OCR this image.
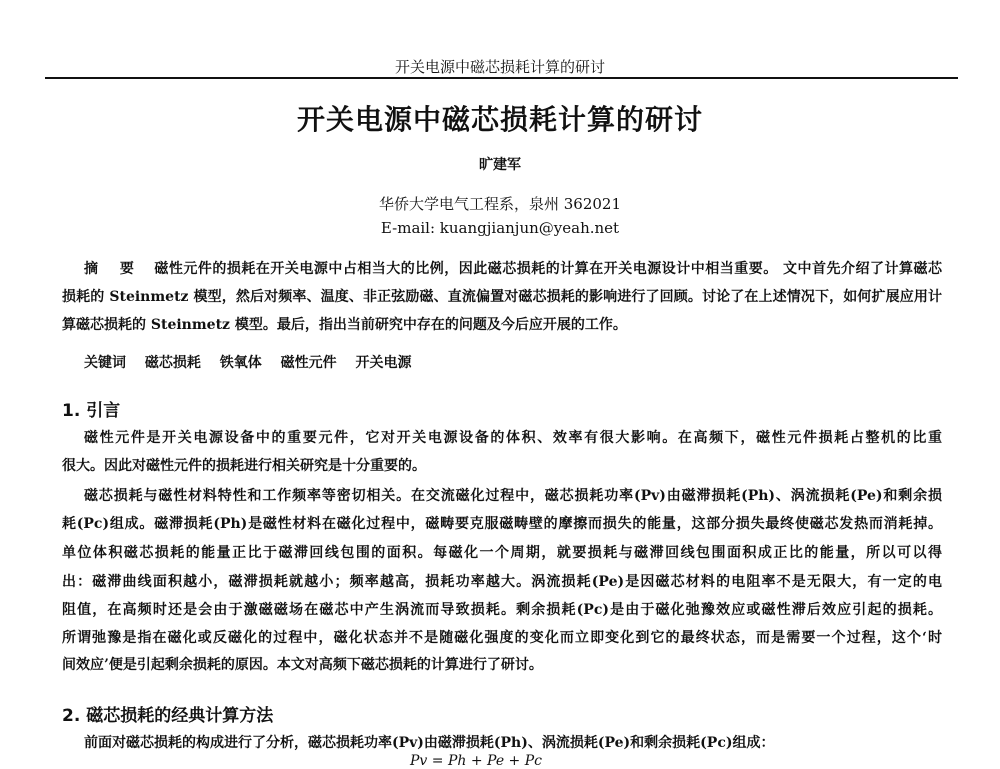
开关电源中磁芯损耗计算的研讨
开关电源中磁芯损耗计算的研讨
旷建军
华侨大学电气工程系，泉州 362021
E-mail: kuangjianjun@yeah.net
摘 要 磁性元件的损耗在开关电源中占相当大的比例，因此磁芯损耗的计算在开关电源设计中相当重要。 文中首先介绍了计算磁芯
损耗的 Steinmetz 模型，然后对频率、温度、非正弦励磁、直流偏置对磁芯损耗的影响进行了回顾。讨论了在上述情况下，如何扩展应用计
算磁芯损耗的 Steinmetz 模型。最后，指出当前研究中存在的问题及今后应开展的工作。
关键词 磁芯损耗 铁氧体 磁性元件 开关电源
1. 引言
磁性元件是开关电源设备中的重要元件，它对开关电源设备的体积、效率有很大影响。在高频下，磁性元件损耗占整机的比重
很大。因此对磁性元件的损耗进行相关研究是十分重要的。
磁芯损耗与磁性材料特性和工作频率等密切相关。在交流磁化过程中，磁芯损耗功率(Pv)由磁滞损耗(Ph)、涡流损耗(Pe)和剩余损
耗(Pc)组成。磁滞损耗(Ph)是磁性材料在磁化过程中，磁畴要克服磁畴壁的摩擦而损失的能量，这部分损失最终使磁芯发热而消耗掉。
单位体积磁芯损耗的能量正比于磁滞回线包围的面积。每磁化一个周期，就要损耗与磁滞回线包围面积成正比的能量，所以可以得
出：磁滞曲线面积越小，磁滞损耗就越小；频率越高，损耗功率越大。涡流损耗(Pe)是因磁芯材料的电阻率不是无限大，有一定的电
阻值，在高频时还是会由于激磁磁场在磁芯中产生涡流而导致损耗。剩余损耗(Pc)是由于磁化弛豫效应或磁性滞后效应引起的损耗。
所谓弛豫是指在磁化或反磁化的过程中，磁化状态并不是随磁化强度的变化而立即变化到它的最终状态，而是需要一个过程，这个‘时
间效应’便是引起剩余损耗的原因。本文对高频下磁芯损耗的计算进行了研讨。
2. 磁芯损耗的经典计算方法
前面对磁芯损耗的构成进行了分析，磁芯损耗功率(Pv)由磁滞损耗(Ph)、涡流损耗(Pe)和剩余损耗(Pc)组成：
Pv = Ph + Pe + Pc
